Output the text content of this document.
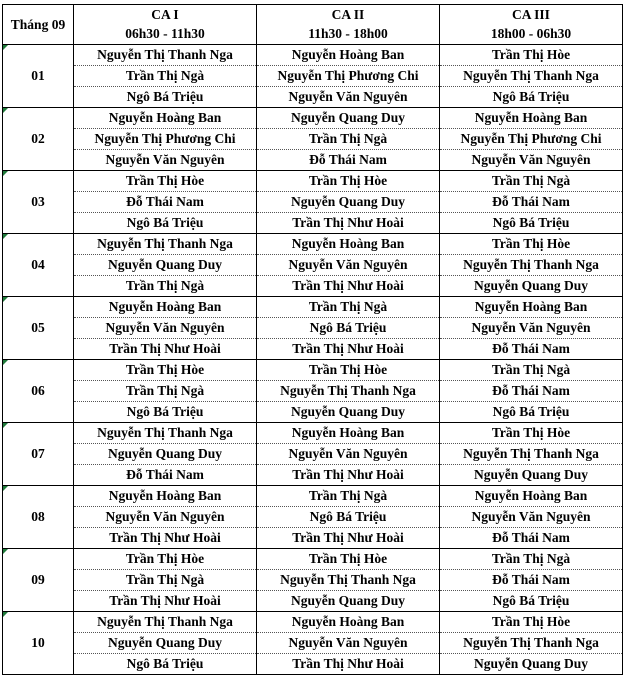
Tháng 09	CA I	CA II	CA III
	06h30 - 11h30	11h30 - 18h00	18h00 - 06h30
01	Nguyễn Thị Thanh Nga	Nguyễn Hoàng Ban	Trần Thị Hòe
	Trần Thị Ngà	Nguyễn Thị Phương Chi	Nguyễn Thị Thanh Nga
	Ngô Bá Triệu	Nguyễn Văn Nguyên	Ngô Bá Triệu
02	Nguyễn Hoàng Ban	Nguyễn Quang Duy	Nguyễn Hoàng Ban
	Nguyễn Thị Phương Chi	Trần Thị Ngà	Nguyễn Thị Phương Chi
	Nguyễn Văn Nguyên	Đỗ Thái Nam	Nguyễn Văn Nguyên
03	Trần Thị Hòe	Trần Thị Hòe	Trần Thị Ngà
	Đỗ Thái Nam	Nguyễn Quang Duy	Đỗ Thái Nam
	Ngô Bá Triệu	Trần Thị Như Hoài	Ngô Bá Triệu
04	Nguyễn Thị Thanh Nga	Nguyễn Hoàng Ban	Trần Thị Hòe
	Nguyễn Quang Duy	Nguyễn Văn Nguyên	Nguyễn Thị Thanh Nga
	Trần Thị Ngà	Trần Thị Như Hoài	Nguyễn Quang Duy
05	Nguyễn Hoàng Ban	Trần Thị Ngà	Nguyễn Hoàng Ban
	Nguyễn Văn Nguyên	Ngô Bá Triệu	Nguyễn Văn Nguyên
	Trần Thị Như Hoài	Trần Thị Như Hoài	Đỗ Thái Nam
06	Trần Thị Hòe	Trần Thị Hòe	Trần Thị Ngà
	Trần Thị Ngà	Nguyễn Thị Thanh Nga	Đỗ Thái Nam
	Ngô Bá Triệu	Nguyễn Quang Duy	Ngô Bá Triệu
07	Nguyễn Thị Thanh Nga	Nguyễn Hoàng Ban	Trần Thị Hòe
	Nguyễn Quang Duy	Nguyễn Văn Nguyên	Nguyễn Thị Thanh Nga
	Đỗ Thái Nam	Trần Thị Như Hoài	Nguyễn Quang Duy
08	Nguyễn Hoàng Ban	Trần Thị Ngà	Nguyễn Hoàng Ban
	Nguyễn Văn Nguyên	Ngô Bá Triệu	Nguyễn Văn Nguyên
	Trần Thị Như Hoài	Trần Thị Như Hoài	Đỗ Thái Nam
09	Trần Thị Hòe	Trần Thị Hòe	Trần Thị Ngà
	Trần Thị Ngà	Nguyễn Thị Thanh Nga	Đỗ Thái Nam
	Trần Thị Như Hoài	Nguyễn Quang Duy	Ngô Bá Triệu
10	Nguyễn Thị Thanh Nga	Nguyễn Hoàng Ban	Trần Thị Hòe
	Nguyễn Quang Duy	Nguyễn Văn Nguyên	Nguyễn Thị Thanh Nga
	Ngô Bá Triệu	Trần Thị Như Hoài	Nguyễn Quang Duy
